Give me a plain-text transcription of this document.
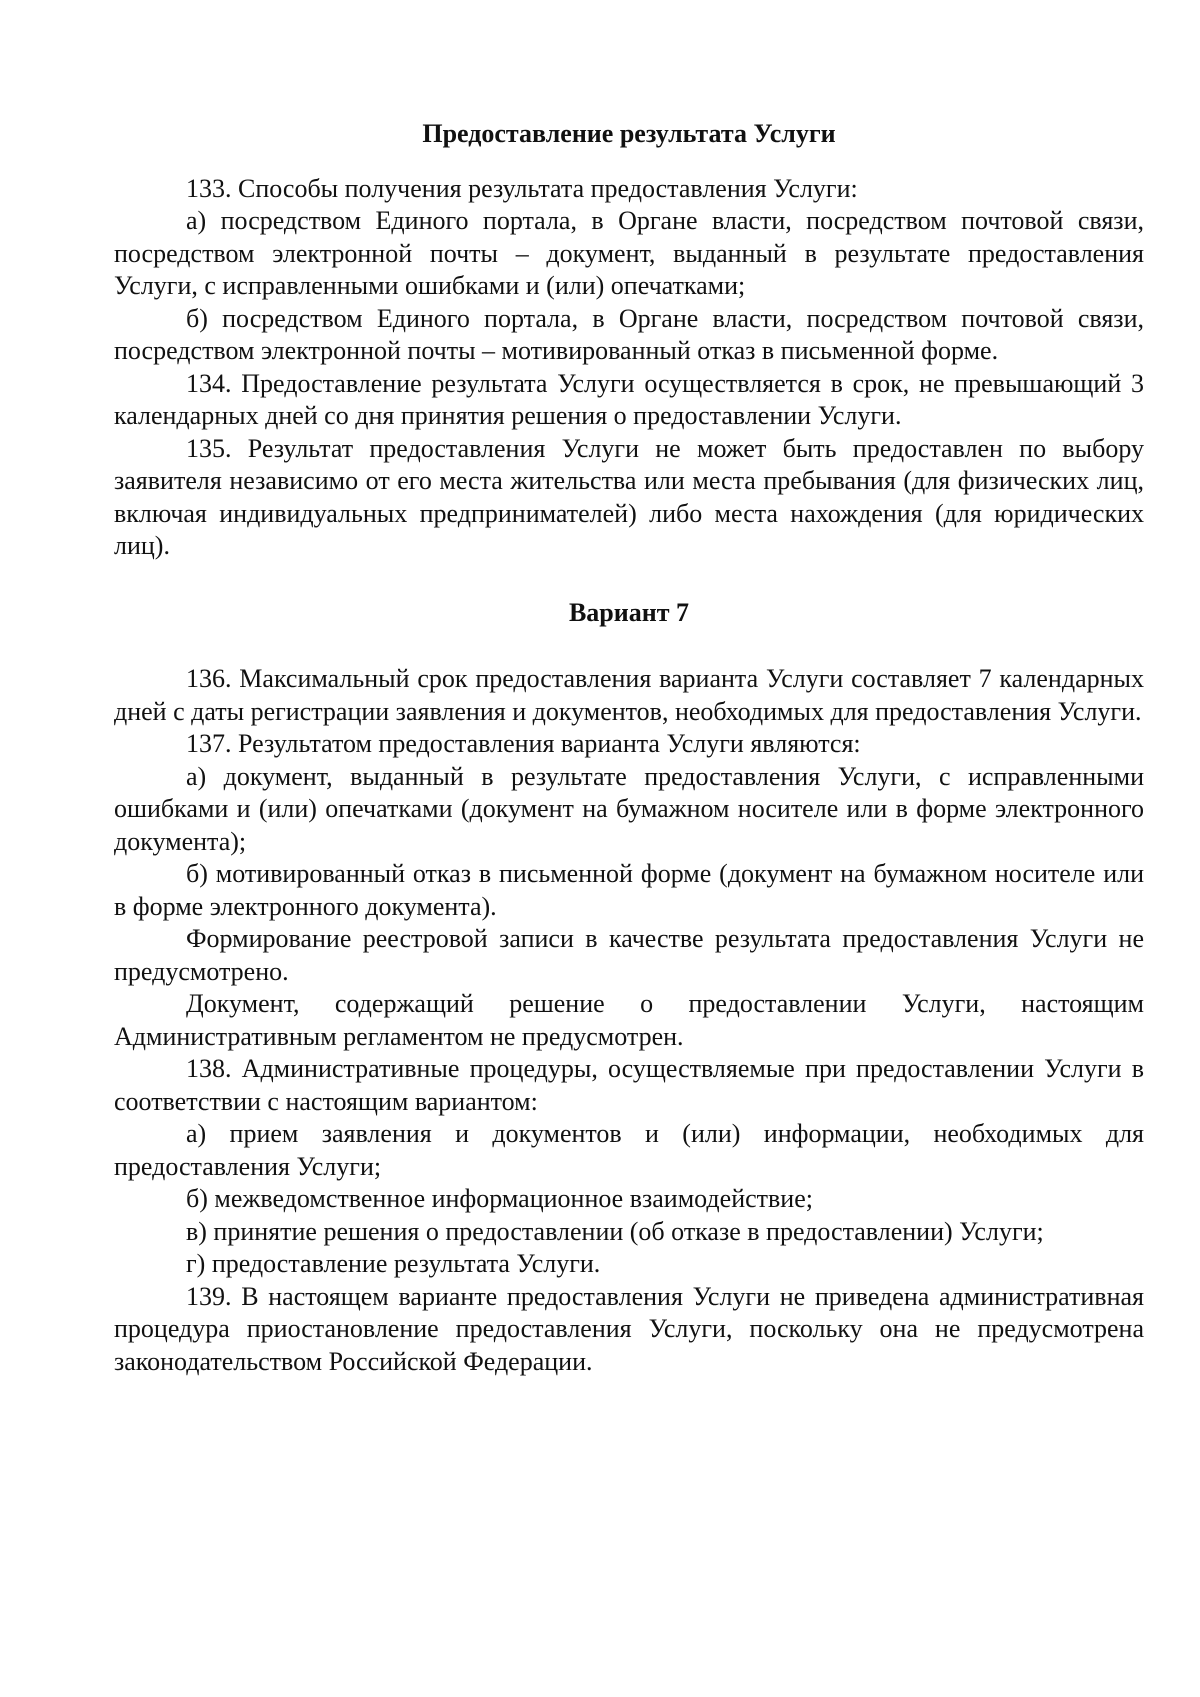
Предоставление результата Услуги

133. Способы получения результата предоставления Услуги:

а) посредством Единого портала, в Органе власти, посредством почтовой связи, посредством электронной почты – документ, выданный в результате предоставления Услуги, с исправленными ошибками и (или) опечатками;

б) посредством Единого портала, в Органе власти, посредством почтовой связи, посредством электронной почты – мотивированный отказ в письменной форме.

134. Предоставление результата Услуги осуществляется в срок, не превышающий 3 календарных дней со дня принятия решения о предоставлении Услуги.

135. Результат предоставления Услуги не может быть предоставлен по выбору заявителя независимо от его места жительства или места пребывания (для физических лиц, включая индивидуальных предпринимателей) либо места нахождения (для юридических лиц).

Вариант 7

136. Максимальный срок предоставления варианта Услуги составляет 7 календарных дней с даты регистрации заявления и документов, необходимых для предоставления Услуги.

137. Результатом предоставления варианта Услуги являются:

а) документ, выданный в результате предоставления Услуги, с исправленными ошибками и (или) опечатками (документ на бумажном носителе или в форме электронного документа);

б) мотивированный отказ в письменной форме (документ на бумажном носителе или в форме электронного документа).

Формирование реестровой записи в качестве результата предоставления Услуги не предусмотрено.

Документ, содержащий решение о предоставлении Услуги, настоящим Административным регламентом не предусмотрен.

138. Административные процедуры, осуществляемые при предоставлении Услуги в соответствии с настоящим вариантом:

а) прием заявления и документов и (или) информации, необходимых для предоставления Услуги;

б) межведомственное информационное взаимодействие;

в) принятие решения о предоставлении (об отказе в предоставлении) Услуги;

г) предоставление результата Услуги.

139. В настоящем варианте предоставления Услуги не приведена административная процедура приостановление предоставления Услуги, поскольку она не предусмотрена законодательством Российской Федерации.
